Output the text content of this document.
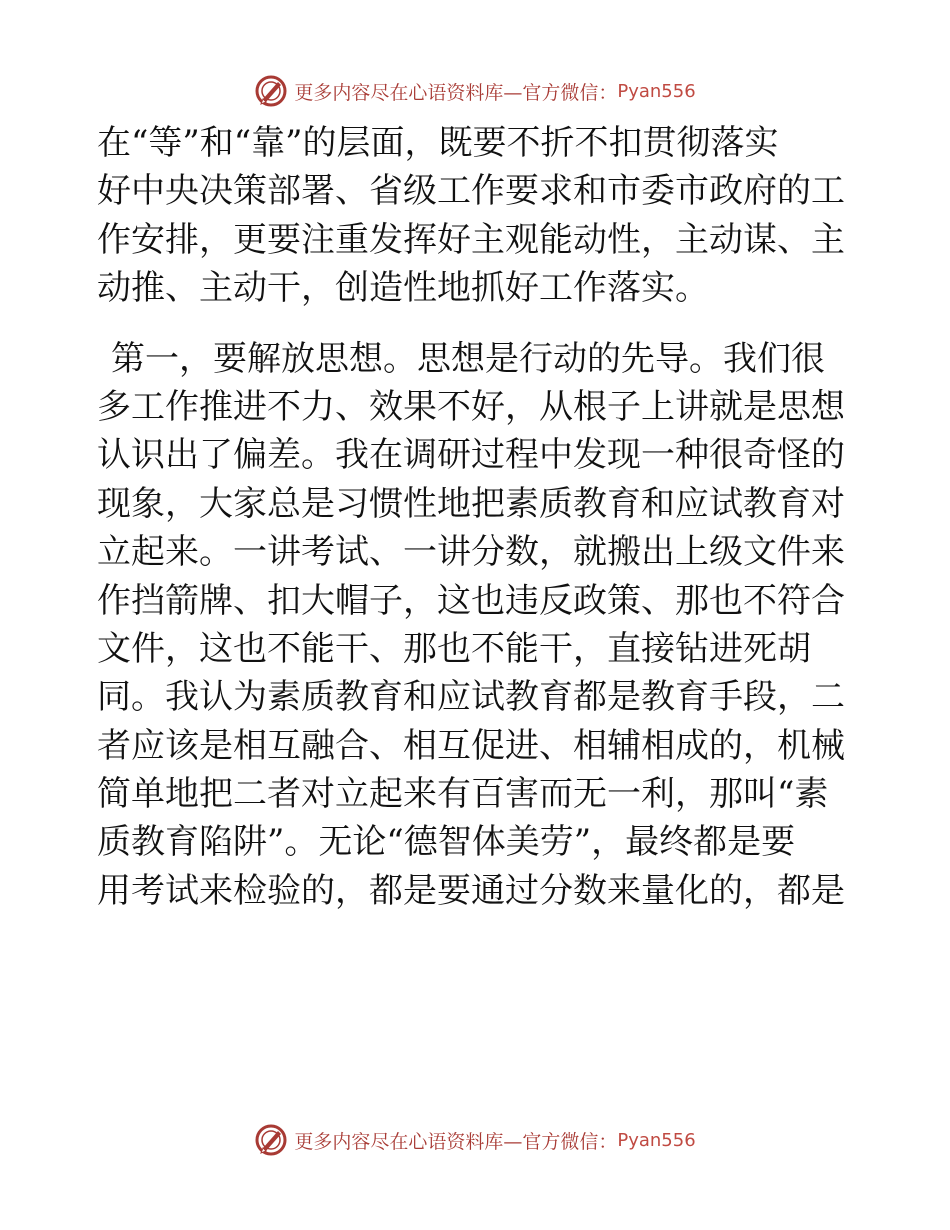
更多内容尽在心语资料库—官方微信： Pyan556
在“等”和“靠”的层面，既要不折不扣贯彻落实
好中央决策部署、省级工作要求和市委市政府的工
作安排，更要注重发挥好主观能动性，主动谋、主
动推、主动干，创造性地抓好工作落实。
第一，要解放思想。思想是行动的先导。我们很
多工作推进不力、效果不好，从根子上讲就是思想
认识出了偏差。我在调研过程中发现一种很奇怪的
现象，大家总是习惯性地把素质教育和应试教育对
立起来。一讲考试、一讲分数，就搬出上级文件来
作挡箭牌、扣大帽子，这也违反政策、那也不符合
文件，这也不能干、那也不能干，直接钻进死胡
同。我认为素质教育和应试教育都是教育手段，二
者应该是相互融合、相互促进、相辅相成的，机械
简单地把二者对立起来有百害而无一利，那叫“素
质教育陷阱”。无论“德智体美劳”，最终都是要
用考试来检验的，都是要通过分数来量化的，都是
更多内容尽在心语资料库—官方微信： Pyan556
